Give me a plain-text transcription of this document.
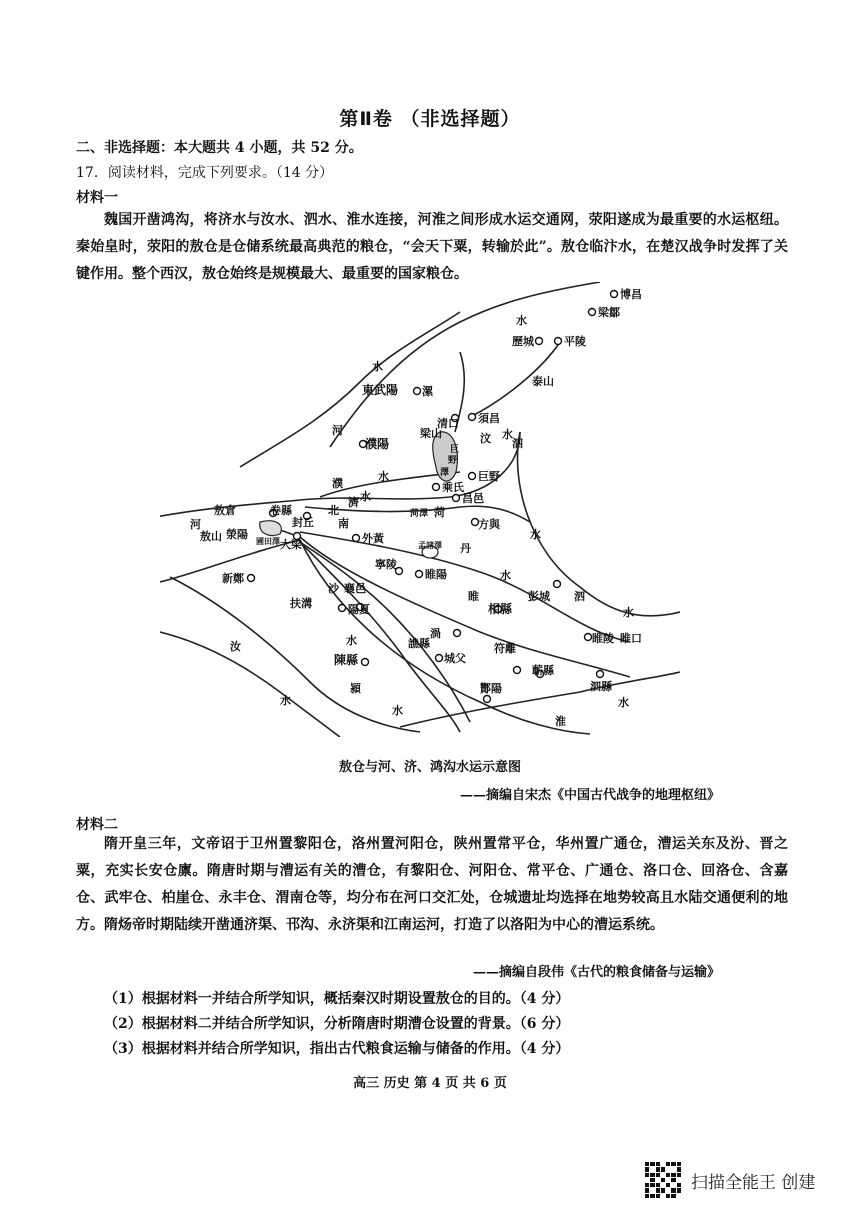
第Ⅱ卷 （非选择题）
二、非选择题：本大题共 4 小题，共 52 分。
17．阅读材料，完成下列要求。（14 分）
材料一
魏国开凿鸿沟，将济水与汝水、泗水、淮水连接，河淮之间形成水运交通网，荥阳遂成为最重要的水运枢纽。秦始皇时，荥阳的敖仓是仓储系统最高典范的粮仓，“会天下粟，转输於此”。敖仓临汴水，在楚汉战争时发挥了关键作用。整个西汉，敖仓始终是规模最大、最重要的国家粮仓。
博昌
梁鄒
歷城	平陵
泰山
東武陽 漯
河
濮陽
清口 須昌
梁山
巨
野
澤
汶
巨野
乘氏
昌邑
泗
濮
敖倉	卷縣	北
濟
南
菏澤 菏
封丘	方與
河
敖山 滎陽
圃田澤 大梁	外黃
孟諸澤 丹
新鄭
寧陵
睢陽
襄邑
沙
扶溝	陽夏	相縣
彭城
睢	泗
汝
陳縣
譙縣
渦
城父
符離
睢陵 睢口
潁	酇陽
蘄縣
泗縣
淮
水
水
水
水
水
水
水
水
水
水
水
水
敖仓与河、济、鸿沟水运示意图
——摘编自宋杰《中国古代战争的地理枢纽》
材料二
隋开皇三年，文帝诏于卫州置黎阳仓，洛州置河阳仓，陕州置常平仓，华州置广通仓，漕运关东及汾、晋之粟，充实长安仓廪。隋唐时期与漕运有关的漕仓，有黎阳仓、河阳仓、常平仓、广通仓、洛口仓、回洛仓、含嘉仓、武牢仓、柏崖仓、永丰仓、渭南仓等，均分布在河口交汇处，仓城遗址均选择在地势较高且水陆交通便利的地方。隋炀帝时期陆续开凿通济渠、邗沟、永济渠和江南运河，打造了以洛阳为中心的漕运系统。
——摘编自段伟《古代的粮食储备与运输》
（1）根据材料一并结合所学知识，概括秦汉时期设置敖仓的目的。（4 分）
（2）根据材料二并结合所学知识，分析隋唐时期漕仓设置的背景。（6 分）
（3）根据材料并结合所学知识，指出古代粮食运输与储备的作用。（4 分）
高三 历史 第 4 页 共 6 页
扫描全能王 创建
